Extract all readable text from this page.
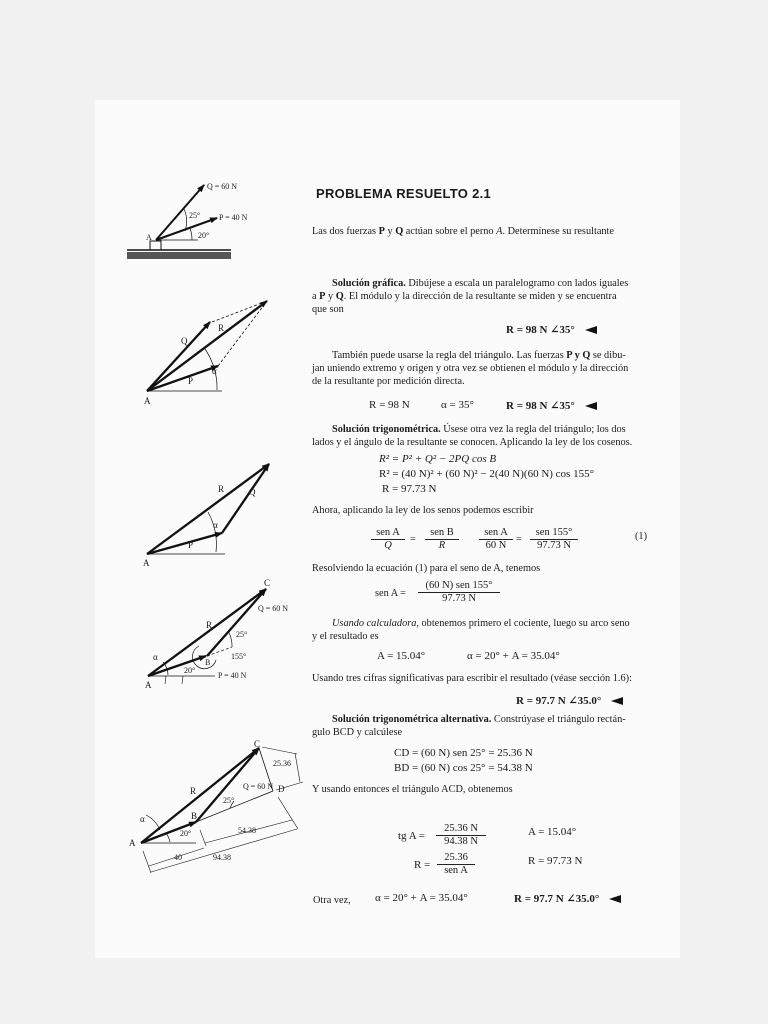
Q = 60 N
P = 40 N
25°
20°
A
Q
R
P
α
A
R	Q
P
α
A
C
Q = 60 N
R
25°
α
B
155°
20°
P = 40 N
A
C
25.36
R	Q = 60 N D
25°
α	B
20°
A
54.38
40	94.38
PROBLEMA RESUELTO 2.1
Las dos fuerzas P y Q actúan sobre el perno A. Determínese su resultante
Solución gráfica. Dibújese a escala un paralelogramo con lados iguales
a P y Q. El módulo y la dirección de la resultante se miden y se encuentra
que son
R = 98 N ∠35°
También puede usarse la regla del triángulo. Las fuerzas P y Q se dibu-
jan uniendo extremo y origen y otra vez se obtienen el módulo y la dirección
de la resultante por medición directa.
R = 98 N	α = 35°	R = 98 N ∠35°
Solución trigonométrica. Úsese otra vez la regla del triángulo; los dos
lados y el ángulo de la resultante se conocen. Aplicando la ley de los cosenos.
R² = P² + Q² − 2PQ cos B
R² = (40 N)² + (60 N)² − 2(40 N)(60 N) cos 155°
R = 97.73 N
Ahora, aplicando la ley de los senos podemos escribir
sen A
Q
=
sen B
R
sen A
60 N
=
sen 155°
97.73 N
(1)
Resolviendo la ecuación (1) para el seno de A, tenemos
sen A =
(60 N) sen 155°
97.73 N
Usando calculadora, obtenemos primero el cociente, luego su arco seno
y el resultado es
A = 15.04°	α = 20° + A = 35.04°
Usando tres cifras significativas para escribir el resultado (véase sección 1.6):
R = 97.7 N ∠35.0°
Solución trigonométrica alternativa. Constrúyase el triángulo rectán-
gulo BCD y calcúlese
CD = (60 N) sen 25° = 25.36 N
BD = (60 N) cos 25° = 54.38 N
Y usando entonces el triángulo ACD, obtenemos
tg $A = \frac{25.36 N}{94.38 N}$	A = 15.04°
R =
25.36
sen A
R = 97.73 N
Otra vez, α = 20° + A = 35.04°	R = 97.7 N ∠35.0°
